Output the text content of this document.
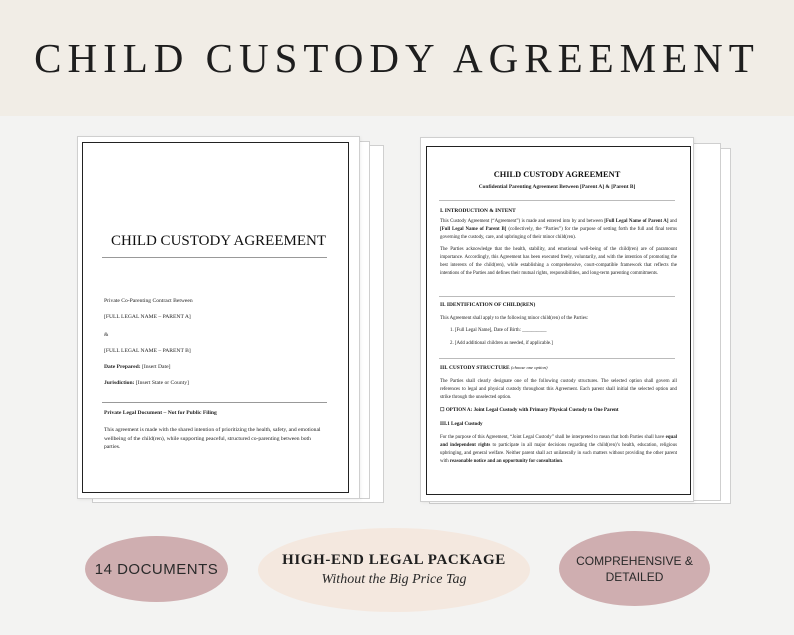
CHILD CUSTODY AGREEMENT
CHILD CUSTODY AGREEMENT
Private Co-Parenting Contract Between
[FULL LEGAL NAME – PARENT A]
&
[FULL LEGAL NAME – PARENT B]
Date Prepared: [Insert Date]
Jurisdiction: [Insert State or County]
Private Legal Document – Not for Public Filing
This agreement is made with the shared intention of prioritizing the health, safety, and emotional wellbeing of the child(ren), while supporting peaceful, structured co-parenting between both parties.
CHILD CUSTODY AGREEMENT
Confidential Parenting Agreement Between [Parent A] & [Parent B]
I. INTRODUCTION & INTENT
This Custody Agreement (“Agreement”) is made and entered into by and between [Full Legal Name of Parent A] and [Full Legal Name of Parent B] (collectively, the “Parties”) for the purpose of setting forth the full and final terms governing the custody, care, and upbringing of their minor child(ren).
The Parties acknowledge that the health, stability, and emotional well-being of the child(ren) are of paramount importance. Accordingly, this Agreement has been executed freely, voluntarily, and with the intention of promoting the best interests of the child(ren), while establishing a comprehensive, court-compatible framework that reflects the intentions of the Parties and defines their mutual rights, responsibilities, and long-term parenting commitments.
II. IDENTIFICATION OF CHILD(REN)
This Agreement shall apply to the following minor child(ren) of the Parties:
1. [Full Legal Name], Date of Birth: __________
2. [Add additional children as needed, if applicable.]
III. CUSTODY STRUCTURE (choose one option)
The Parties shall clearly designate one of the following custody structures. The selected option shall govern all references to legal and physical custody throughout this Agreement. Each parent shall initial the selected option and strike through the unselected option.
☐ OPTION A: Joint Legal Custody with Primary Physical Custody to One Parent
III.1 Legal Custody
For the purpose of this Agreement, “Joint Legal Custody” shall be interpreted to mean that both Parties shall have equal and independent rights to participate in all major decisions regarding the child(ren)’s health, education, religious upbringing, and general welfare. Neither parent shall act unilaterally in such matters without providing the other parent with reasonable notice and an opportunity for consultation.
14 DOCUMENTS
HIGH-END LEGAL PACKAGE
Without the Big Price Tag
COMPREHENSIVE &
DETAILED
